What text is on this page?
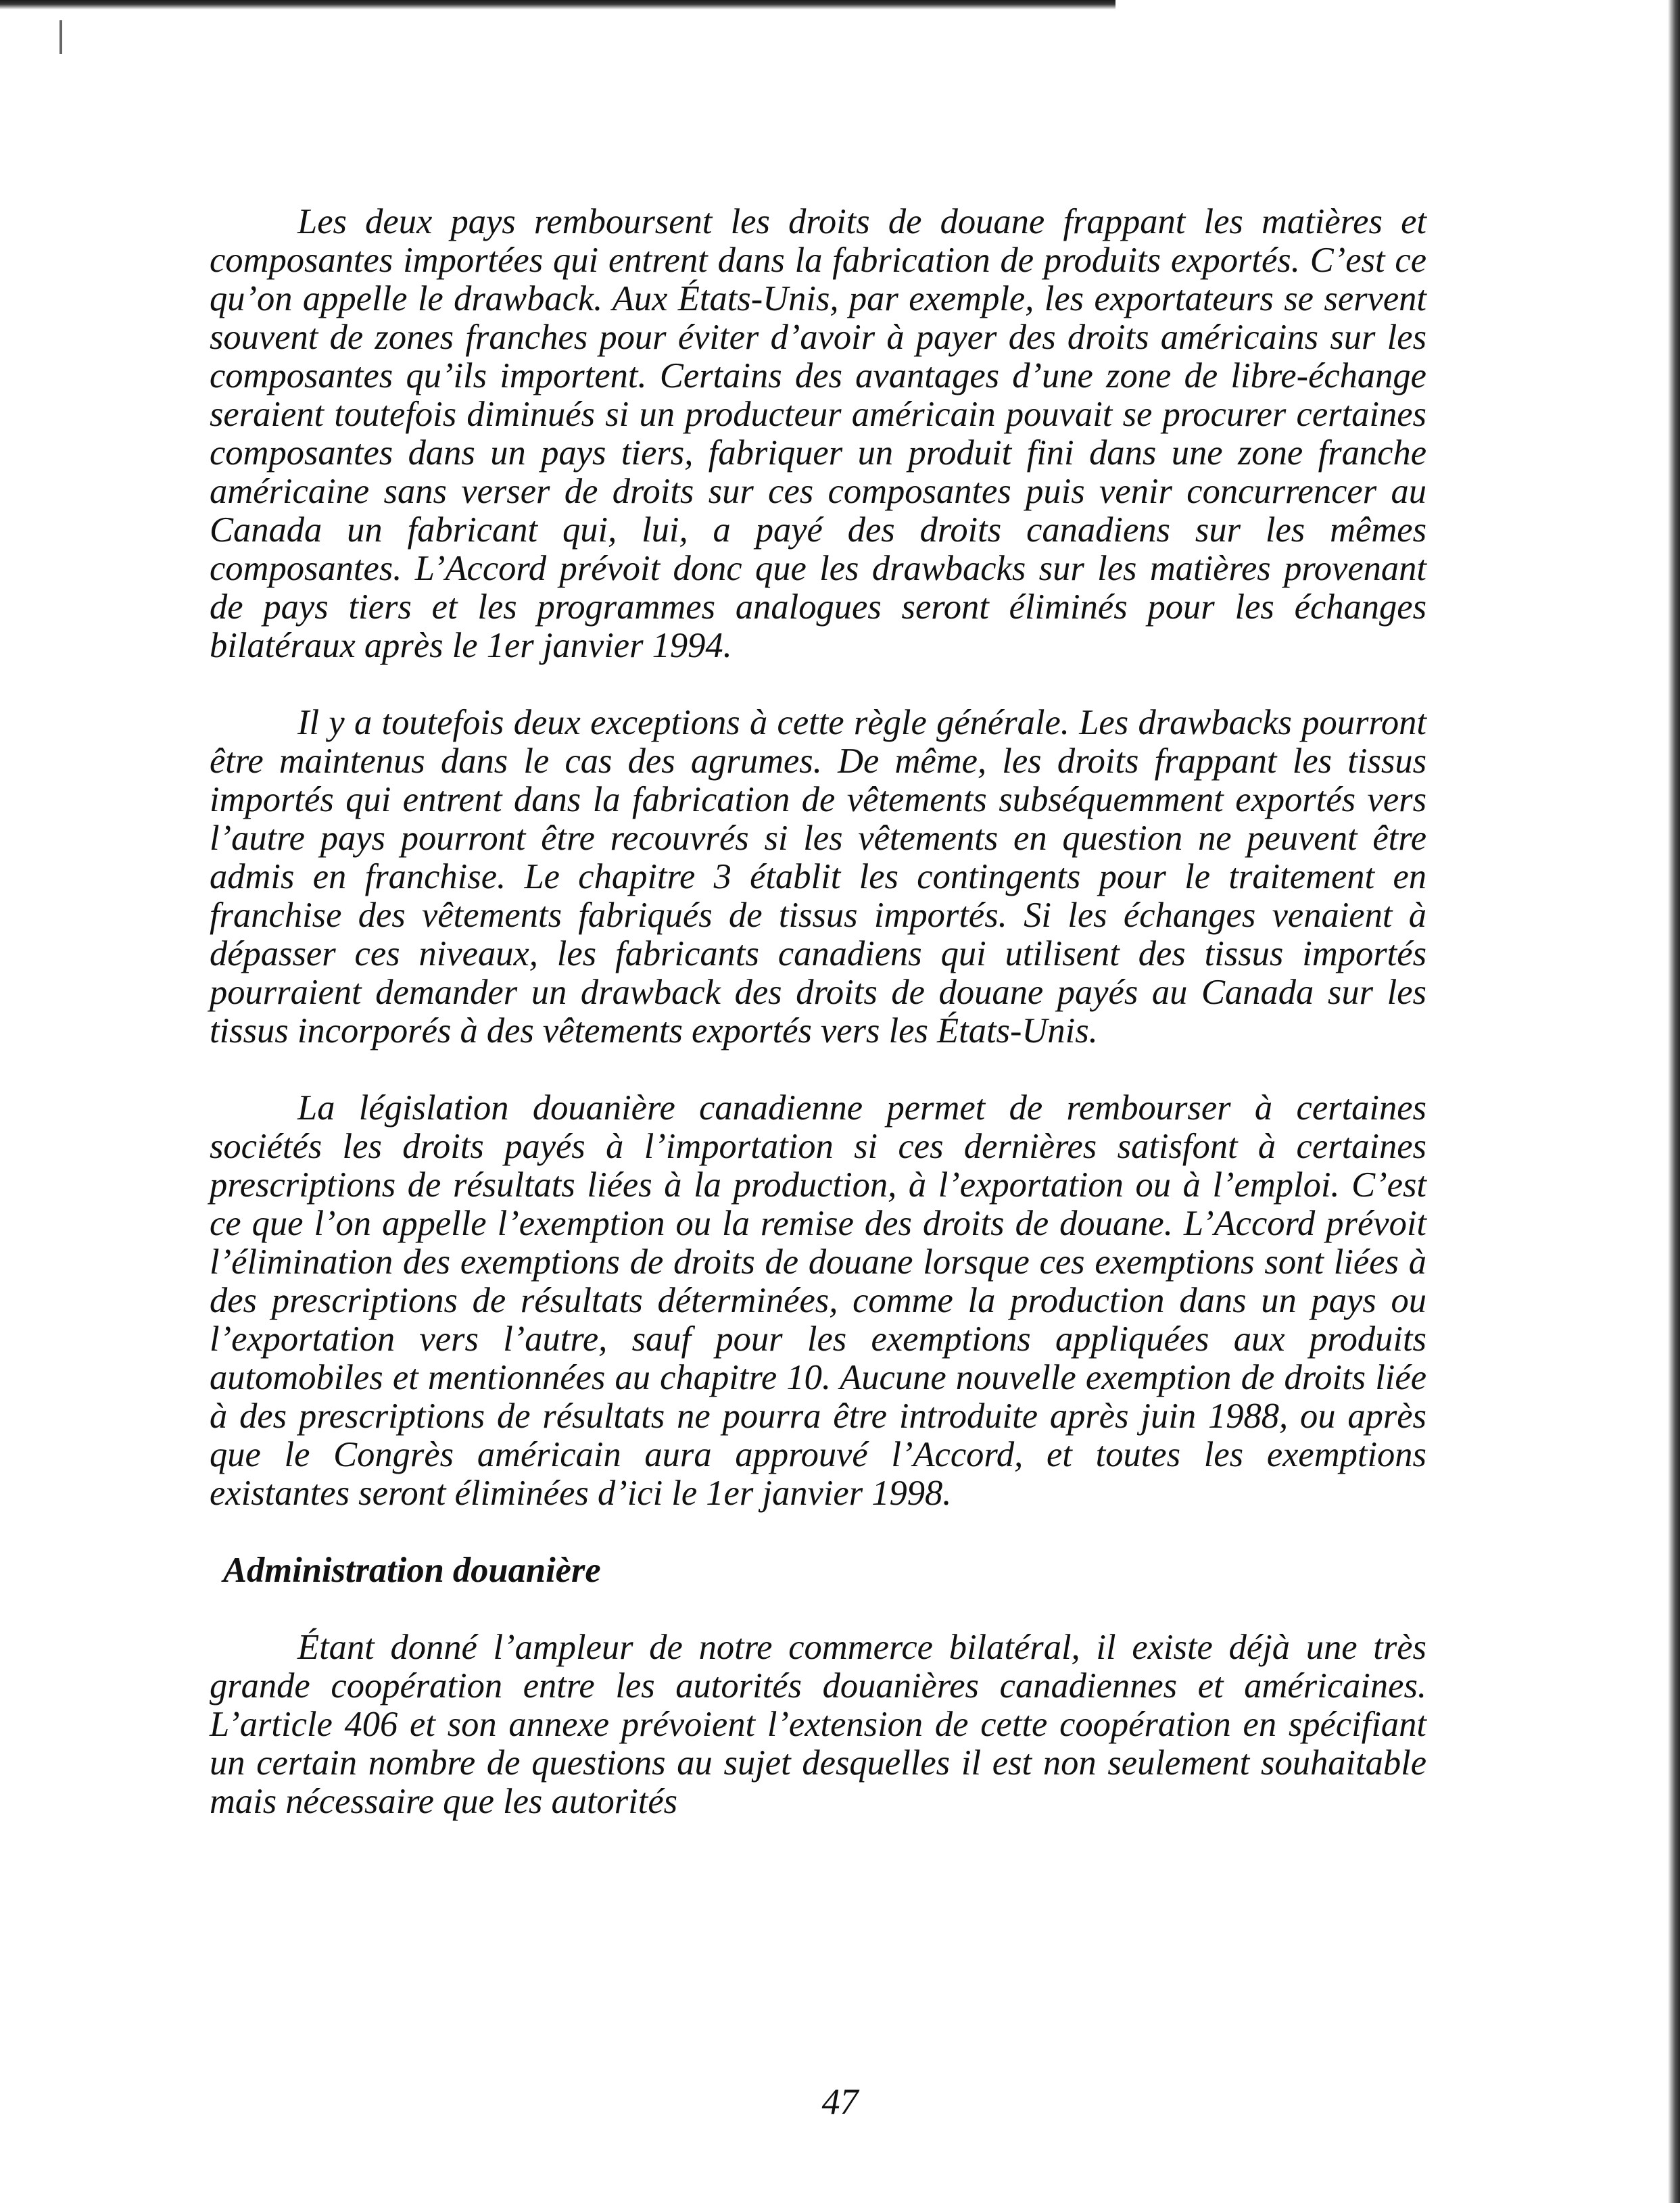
Les deux pays remboursent les droits de douane frappant les matières et composantes importées qui entrent dans la fabrication de produits exportés. C’est ce qu’on appelle le drawback. Aux États-Unis, par exemple, les exportateurs se servent souvent de zones franches pour éviter d’avoir à payer des droits américains sur les composantes qu’ils importent. Certains des avantages d’une zone de libre-échange seraient toutefois diminués si un producteur américain pouvait se procurer certaines composantes dans un pays tiers, fabriquer un produit fini dans une zone franche américaine sans verser de droits sur ces composantes puis venir concurrencer au Canada un fabricant qui, lui, a payé des droits canadiens sur les mêmes composantes. L’Accord prévoit donc que les drawbacks sur les matières provenant de pays tiers et les programmes analogues seront éliminés pour les échanges bilatéraux après le 1er janvier 1994.

Il y a toutefois deux exceptions à cette règle générale. Les drawbacks pourront être maintenus dans le cas des agrumes. De même, les droits frappant les tissus importés qui entrent dans la fabrication de vêtements subséquemment exportés vers l’autre pays pourront être recouvrés si les vêtements en question ne peuvent être admis en franchise. Le chapitre 3 établit les contingents pour le traitement en franchise des vêtements fabriqués de tissus importés. Si les échanges venaient à dépasser ces niveaux, les fabricants canadiens qui utilisent des tissus importés pourraient demander un drawback des droits de douane payés au Canada sur les tissus incorporés à des vêtements exportés vers les États-Unis.

La législation douanière canadienne permet de rembourser à certaines sociétés les droits payés à l’importation si ces dernières satisfont à certaines prescriptions de résultats liées à la production, à l’exportation ou à l’emploi. C’est ce que l’on appelle l’exemption ou la remise des droits de douane. L’Accord prévoit l’élimination des exemptions de droits de douane lorsque ces exemptions sont liées à des prescriptions de résultats déterminées, comme la production dans un pays ou l’exportation vers l’autre, sauf pour les exemptions appliquées aux produits automobiles et mentionnées au chapitre 10. Aucune nouvelle exemption de droits liée à des prescriptions de résultats ne pourra être introduite après juin 1988, ou après que le Congrès américain aura approuvé l’Accord, et toutes les exemptions existantes seront éliminées d’ici le 1er janvier 1998.

Administration douanière

Étant donné l’ampleur de notre commerce bilatéral, il existe déjà une très grande coopération entre les autorités douanières canadiennes et américaines. L’article 406 et son annexe prévoient l’extension de cette coopération en spécifiant un certain nombre de questions au sujet desquelles il est non seulement souhaitable mais nécessaire que les autorités

47
